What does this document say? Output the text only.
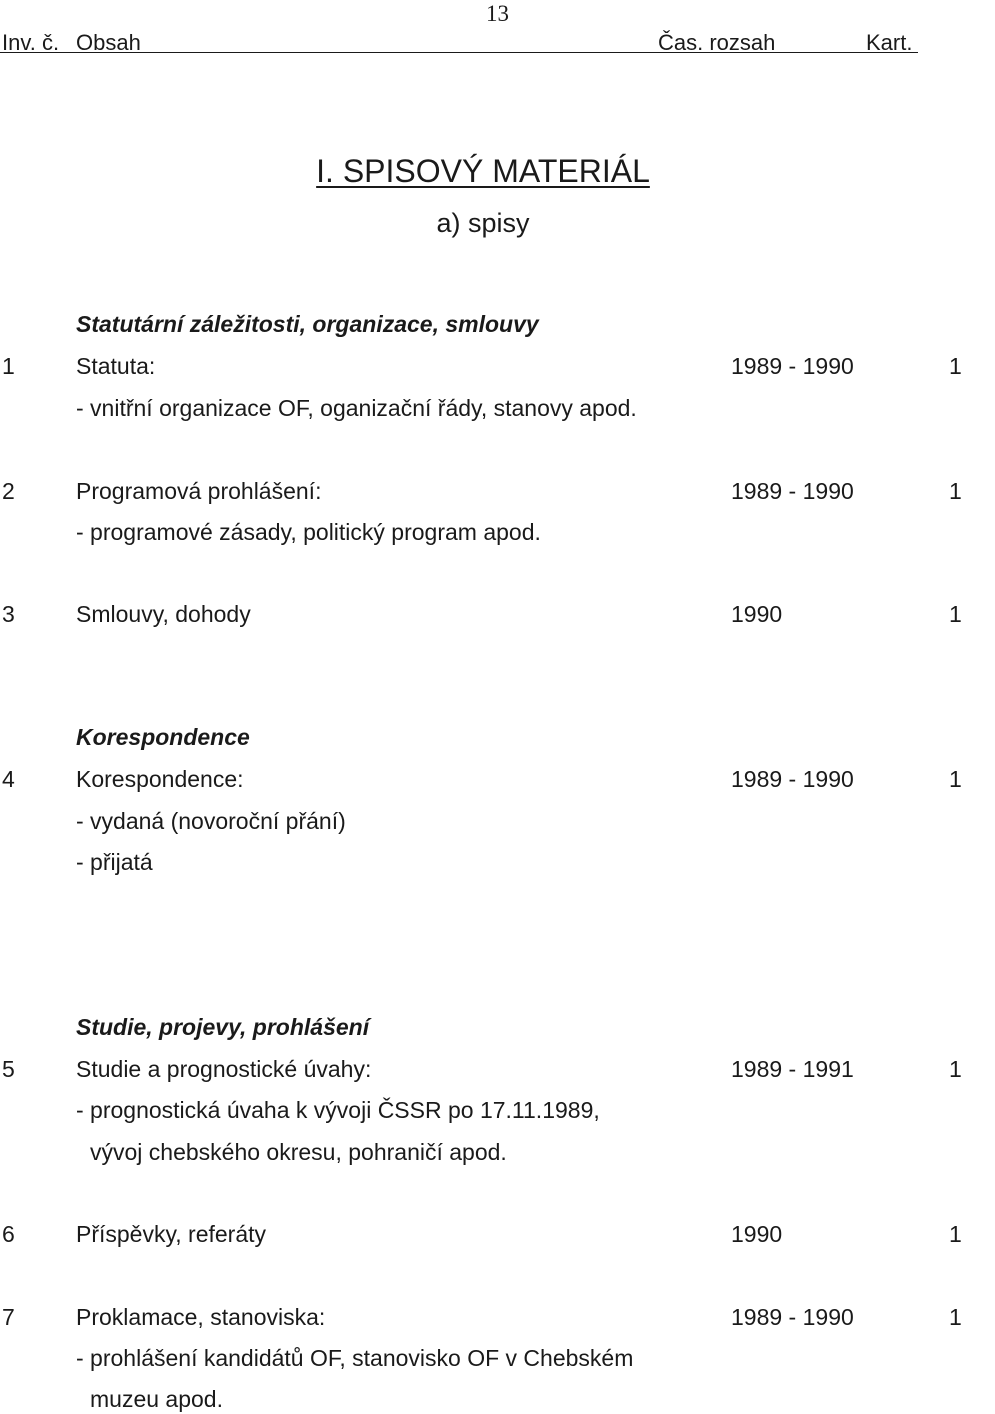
13
Inv. č. Obsah	Čas. rozsah	Kart.
I. SPISOVÝ MATERIÁL
a) spisy
Statutární záležitosti, organizace, smlouvy
1	Statuta:	1989 - 1990	1
- vnitřní organizace OF, oganizační řády, stanovy apod.
2	Programová prohlášení:	1989 - 1990	1
- programové zásady, politický program apod.
3	Smlouvy, dohody	1990	1
Korespondence
4	Korespondence:	1989 - 1990	1
- vydaná (novoroční přání)
- přijatá
Studie, projevy, prohlášení
5	Studie a prognostické úvahy:	1989 - 1991	1
- prognostická úvaha k vývoji ČSSR po 17.11.1989,
vývoj chebského okresu, pohraničí apod.
6	Příspěvky, referáty	1990	1
7	Proklamace, stanoviska:	1989 - 1990	1
- prohlášení kandidátů OF, stanovisko OF v Chebském
muzeu apod.
